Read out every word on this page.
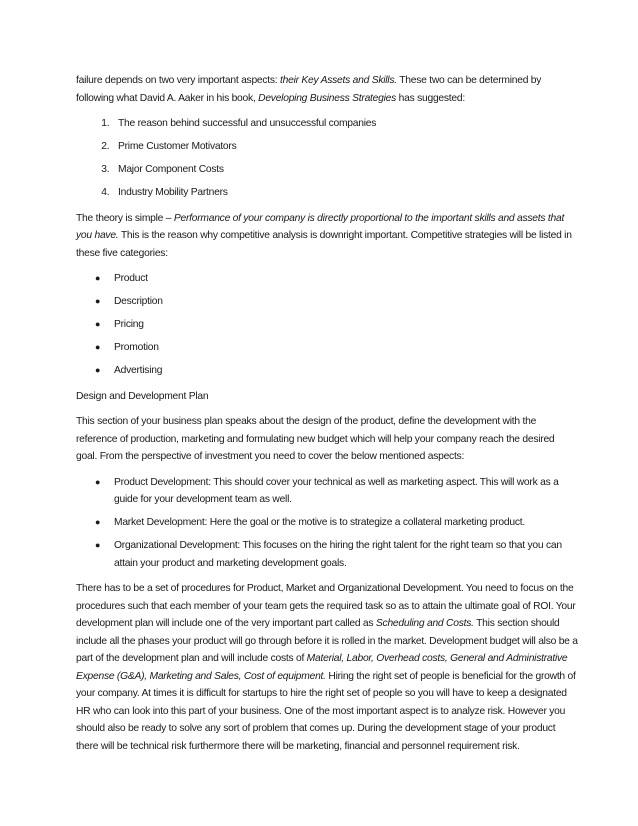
failure depends on two very important aspects: their Key Assets and Skills. These two can be determined by following what David A. Aaker in his book, Developing Business Strategies has suggested:

1. The reason behind successful and unsuccessful companies
2. Prime Customer Motivators
3. Major Component Costs
4. Industry Mobility Partners

The theory is simple – Performance of your company is directly proportional to the important skills and assets that you have. This is the reason why competitive analysis is downright important. Competitive strategies will be listed in these five categories:

● Product
● Description
● Pricing
● Promotion
● Advertising

Design and Development Plan

This section of your business plan speaks about the design of the product, define the development with the reference of production, marketing and formulating new budget which will help your company reach the desired goal. From the perspective of investment you need to cover the below mentioned aspects:

● Product Development: This should cover your technical as well as marketing aspect. This will work as a guide for your development team as well.
● Market Development: Here the goal or the motive is to strategize a collateral marketing product.
● Organizational Development: This focuses on the hiring the right talent for the right team so that you can attain your product and marketing development goals.

There has to be a set of procedures for Product, Market and Organizational Development. You need to focus on the procedures such that each member of your team gets the required task so as to attain the ultimate goal of ROI. Your development plan will include one of the very important part called as Scheduling and Costs. This section should include all the phases your product will go through before it is rolled in the market. Development budget will also be a part of the development plan and will include costs of Material, Labor, Overhead costs, General and Administrative Expense (G&A), Marketing and Sales, Cost of equipment. Hiring the right set of people is beneficial for the growth of your company. At times it is difficult for startups to hire the right set of people so you will have to keep a designated HR who can look into this part of your business. One of the most important aspect is to analyze risk. However you should also be ready to solve any sort of problem that comes up. During the development stage of your product there will be technical risk furthermore there will be marketing, financial and personnel requirement risk.
